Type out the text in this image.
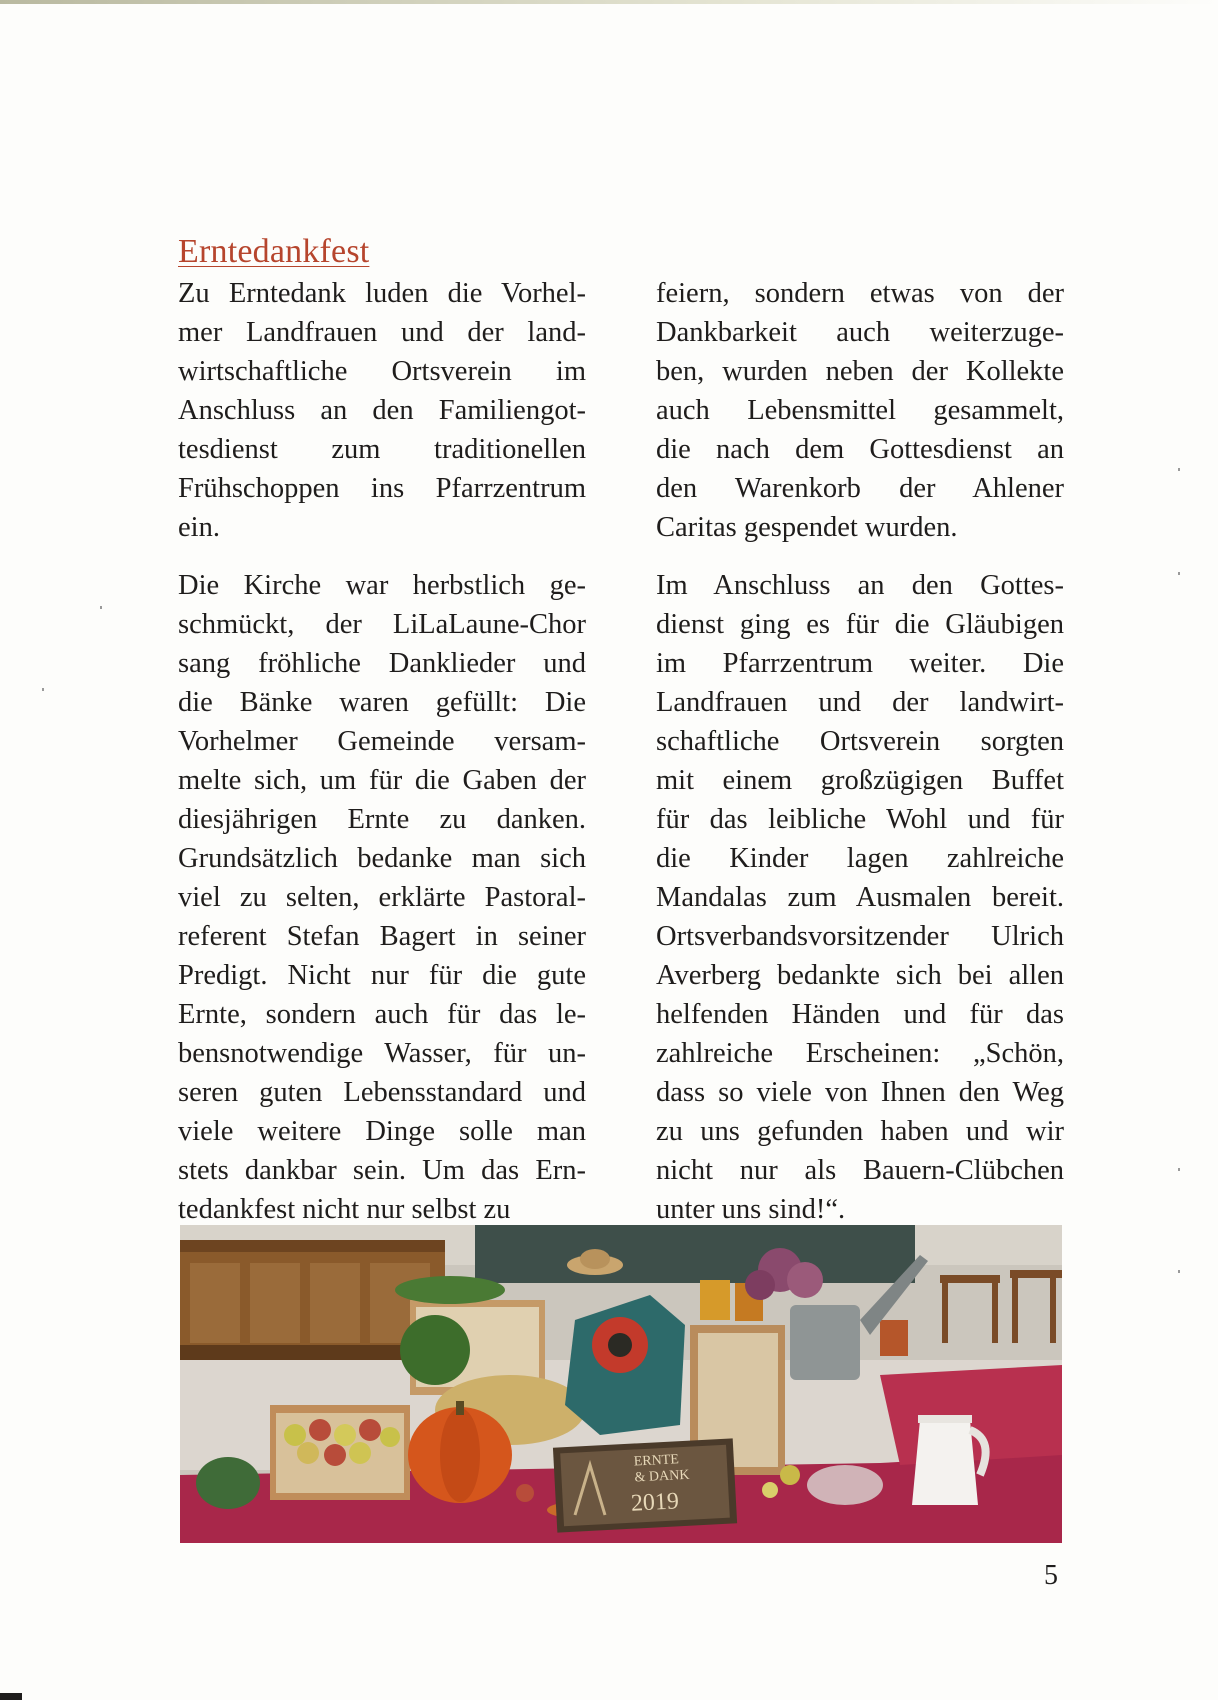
Erntedankfest
Zu Erntedank luden die Vorhel-
mer Landfrauen und der land-
wirtschaftliche Ortsverein im
Anschluss an den Familiengot-
tesdienst zum traditionellen
Frühschoppen ins Pfarrzentrum
ein.
Die Kirche war herbstlich ge-
schmückt, der LiLaLaune-Chor
sang fröhliche Danklieder und
die Bänke waren gefüllt: Die
Vorhelmer Gemeinde versam-
melte sich, um für die Gaben der
diesjährigen Ernte zu danken.
Grundsätzlich bedanke man sich
viel zu selten, erklärte Pastoral-
referent Stefan Bagert in seiner
Predigt. Nicht nur für die gute
Ernte, sondern auch für das le-
bensnotwendige Wasser, für un-
seren guten Lebensstandard und
viele weitere Dinge solle man
stets dankbar sein. Um das Ern-
tedankfest nicht nur selbst zu
feiern, sondern etwas von der
Dankbarkeit auch weiterzuge-
ben, wurden neben der Kollekte
auch Lebensmittel gesammelt,
die nach dem Gottesdienst an
den Warenkorb der Ahlener
Caritas gespendet wurden.
Im Anschluss an den Gottes-
dienst ging es für die Gläubigen
im Pfarrzentrum weiter. Die
Landfrauen und der landwirt-
schaftliche Ortsverein sorgten
mit einem großzügigen Buffet
für das leibliche Wohl und für
die Kinder lagen zahlreiche
Mandalas zum Ausmalen bereit.
Ortsverbandsvorsitzender Ulrich
Averberg bedankte sich bei allen
helfenden Händen und für das
zahlreiche Erscheinen: „Schön,
dass so viele von Ihnen den Weg
zu uns gefunden haben und wir
nicht nur als Bauern-Clübchen
unter uns sind!“.
ERNTE
& DANK
2019
5
